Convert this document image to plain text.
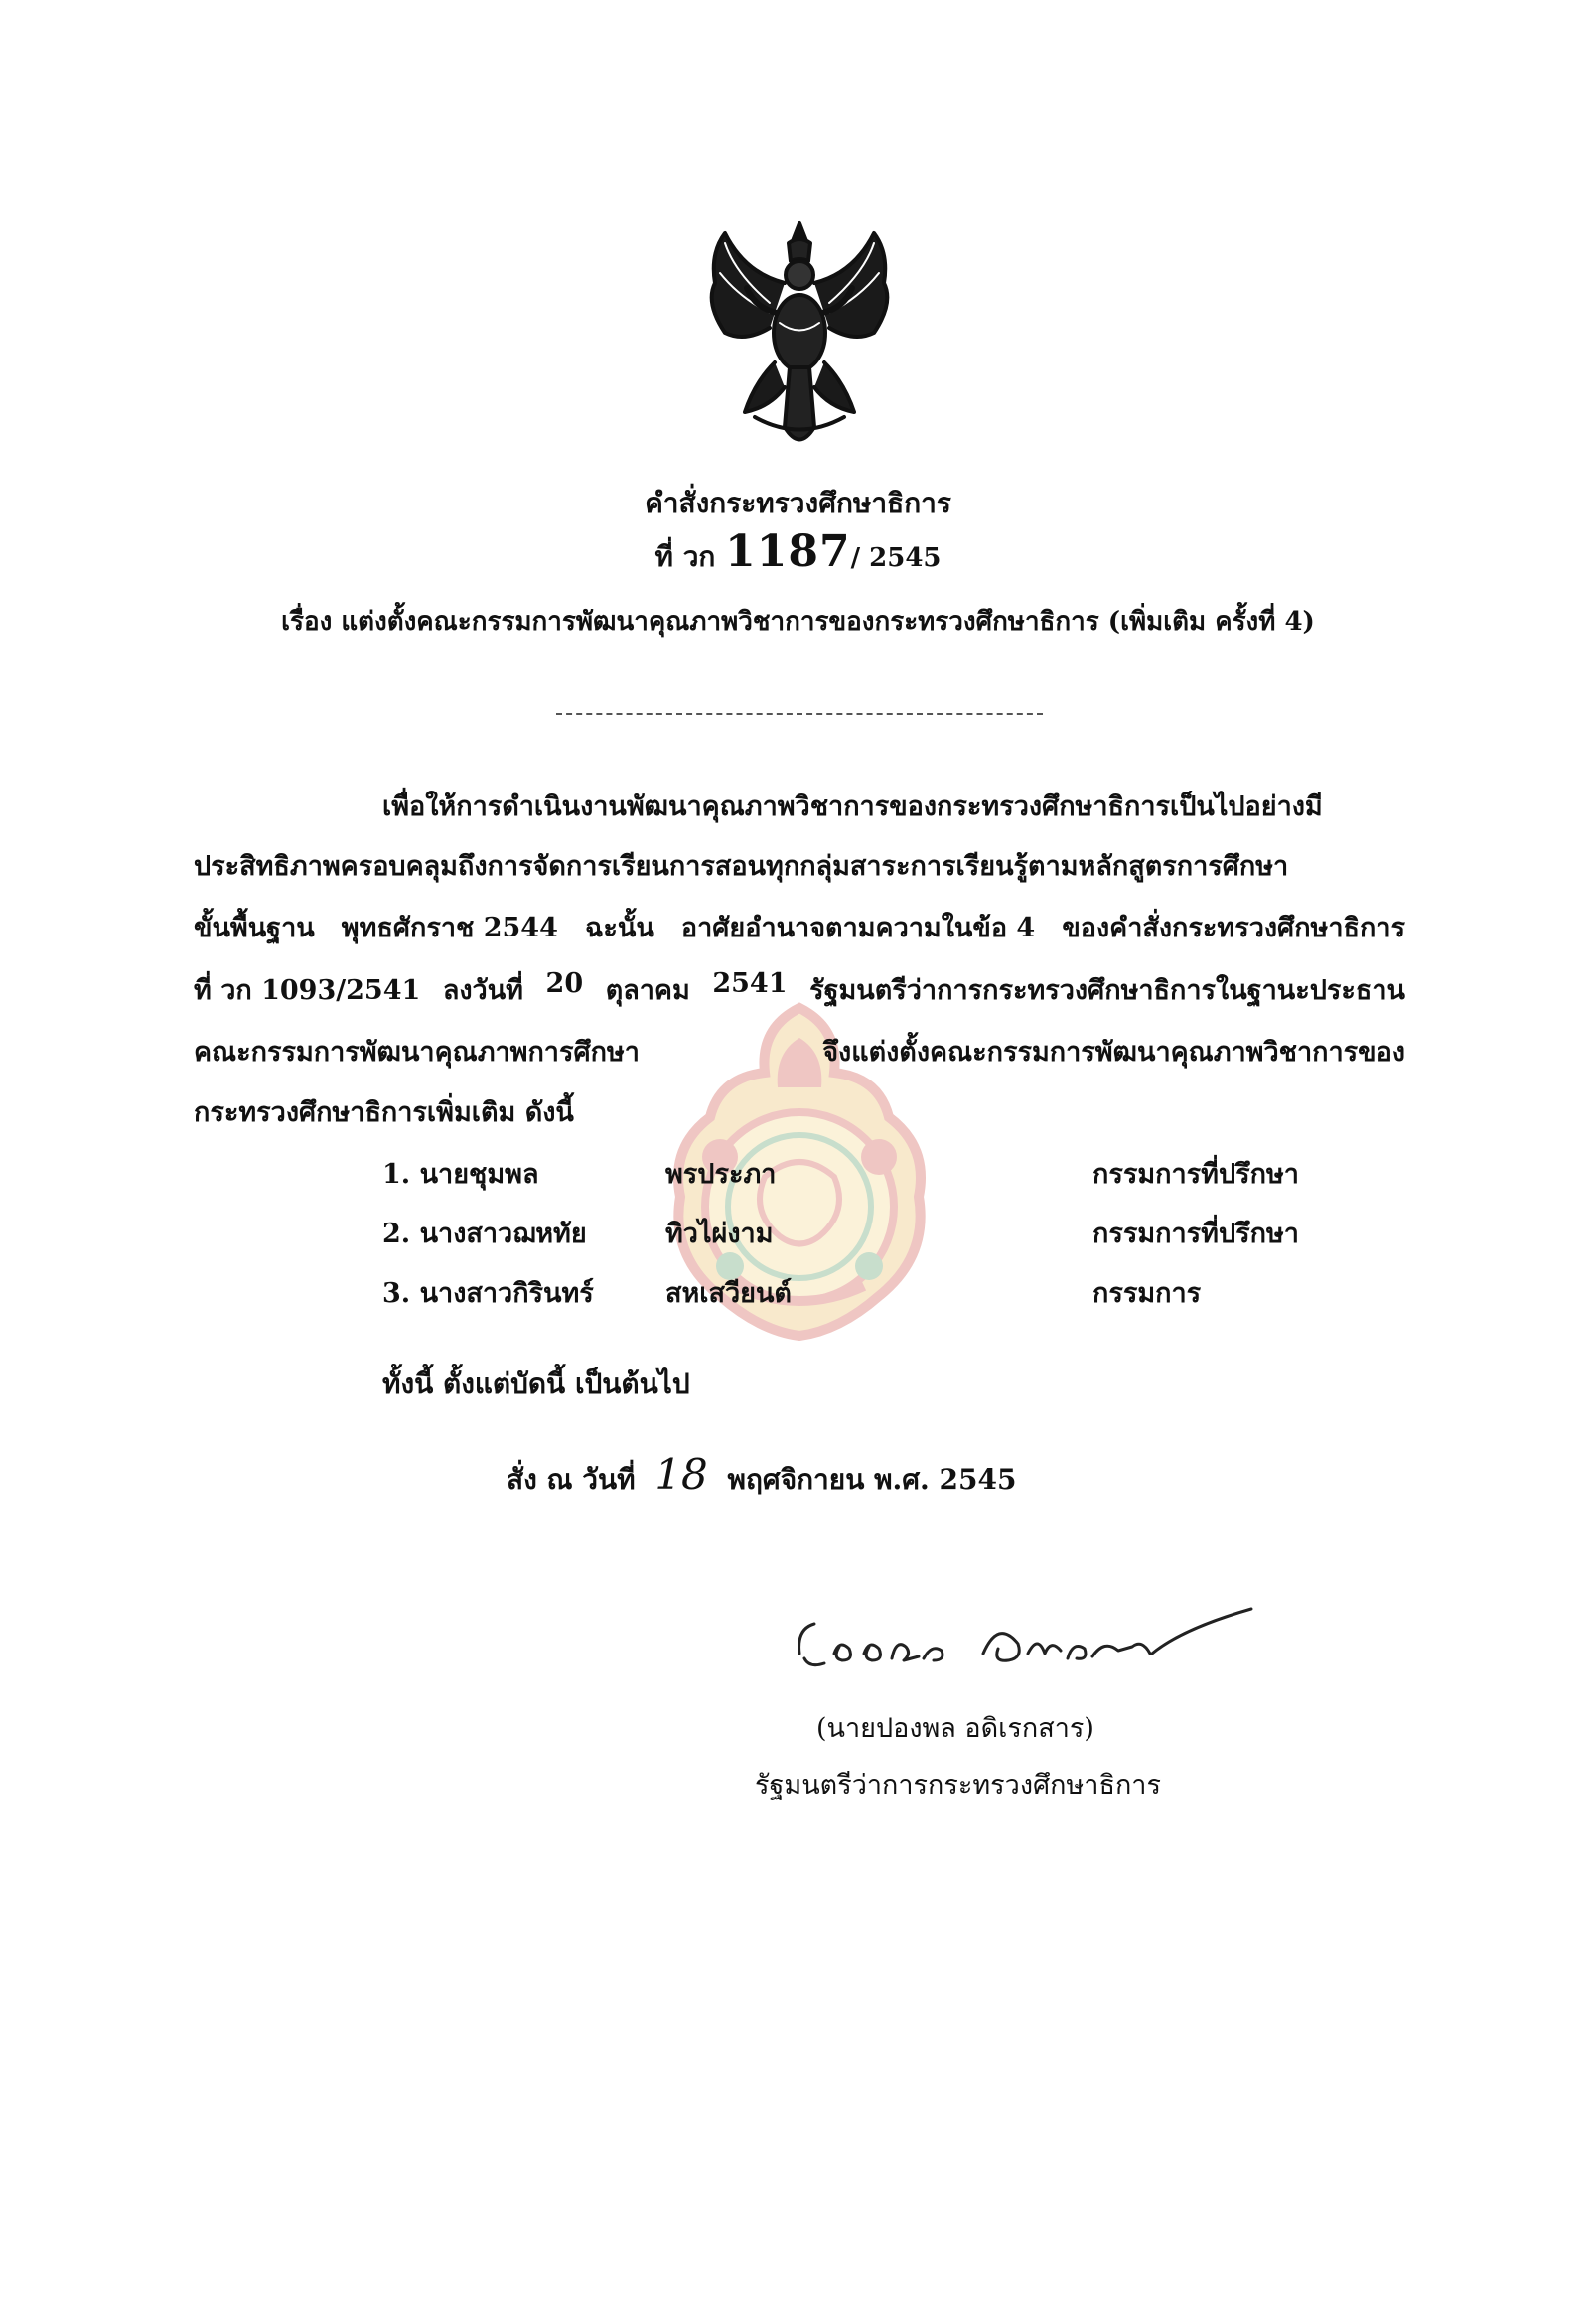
คำสั่งกระทรวงศึกษาธิการ
ที่ วก 1187/ 2545
เรื่อง แต่งตั้งคณะกรรมการพัฒนาคุณภาพวิชาการของกระทรวงศึกษาธิการ (เพิ่มเติม ครั้งที่ 4)
เพื่อให้การดำเนินงานพัฒนาคุณภาพวิชาการของกระทรวงศึกษาธิการเป็นไปอย่างมี
ประสิทธิภาพครอบคลุมถึงการจัดการเรียนการสอนทุกกลุ่มสาระการเรียนรู้ตามหลักสูตรการศึกษา
ขั้นพื้นฐาน พุทธศักราช 2544 ฉะนั้น อาศัยอำนาจตามความในข้อ 4 ของคำสั่งกระทรวงศึกษาธิการ
ที่ วก 1093/2541 ลงวันที่ 20 ตุลาคม 2541 รัฐมนตรีว่าการกระทรวงศึกษาธิการในฐานะประธาน
คณะกรรมการพัฒนาคุณภาพการศึกษา	จึงแต่งตั้งคณะกรรมการพัฒนาคุณภาพวิชาการของ
กระทรวงศึกษาธิการเพิ่มเติม ดังนี้
1. นายชุมพล	พรประภา	กรรมการที่ปรึกษา
2. นางสาวฌหทัย	ทิวไผ่งาม	กรรมการที่ปรึกษา
3. นางสาวกิรินทร์	สหเสวียนต์	กรรมการ
ทั้งนี้ ตั้งแต่บัดนี้ เป็นต้นไป
สั่ง ณ วันที่ 18 พฤศจิกายน พ.ศ. 2545
(นายปองพล อดิเรกสาร)
รัฐมนตรีว่าการกระทรวงศึกษาธิการ
